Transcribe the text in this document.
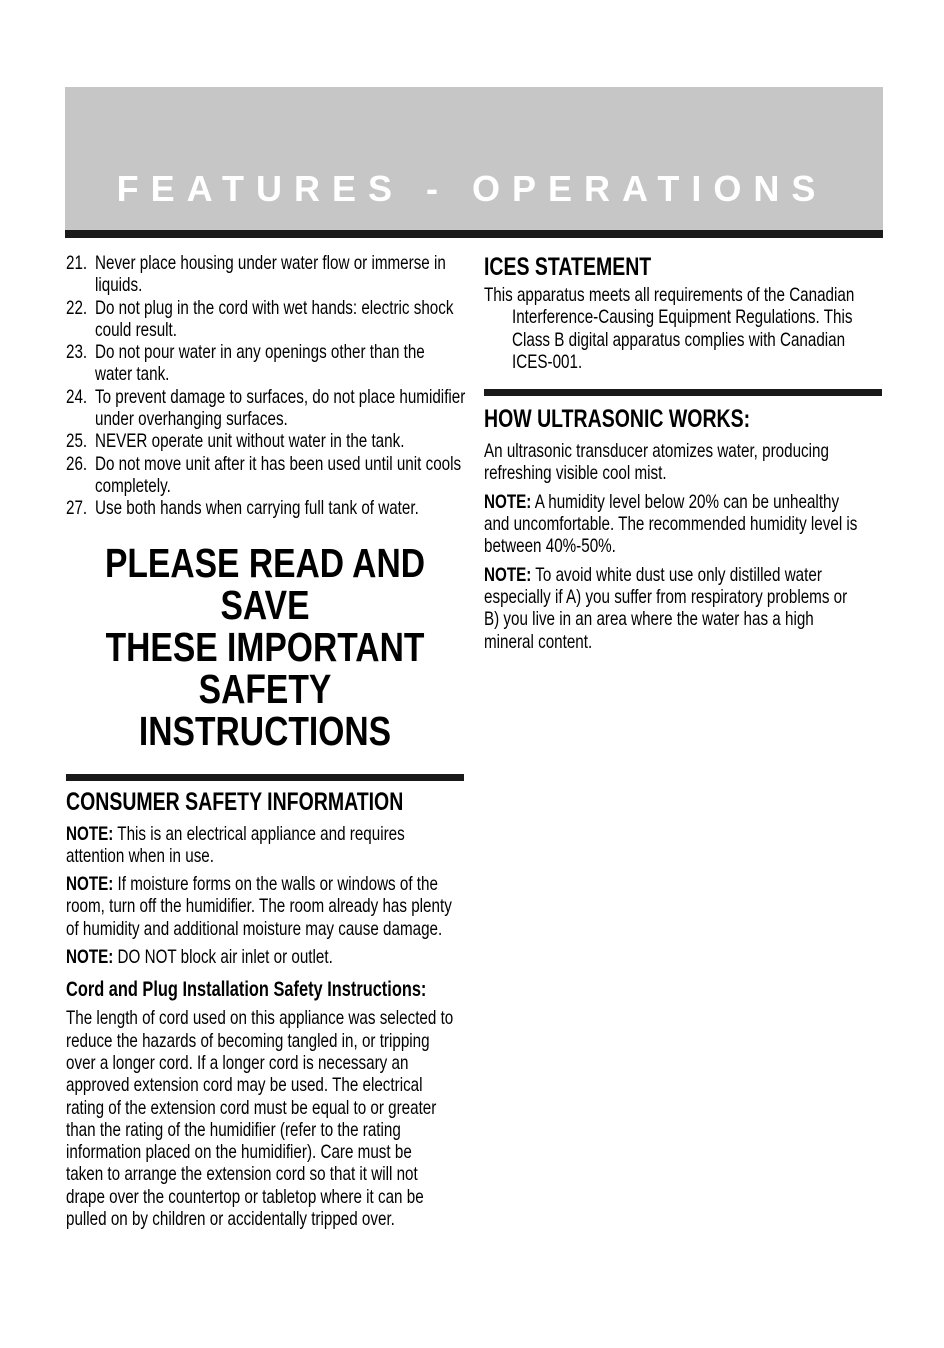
FEATURES - OPERATIONS
21. Never place housing under water flow or immerse in
liquids.
22. Do not plug in the cord with wet hands: electric shock
could result.
23. Do not pour water in any openings other than the
water tank.
24. To prevent damage to surfaces, do not place humidifier
under overhanging surfaces.
25. NEVER operate unit without water in the tank.
26. Do not move unit after it has been used until unit cools
completely.
27. Use both hands when carrying full tank of water.
PLEASE READ AND SAVE
THESE IMPORTANT SAFETY
INSTRUCTIONS
CONSUMER SAFETY INFORMATION
NOTE: This is an electrical appliance and requires
attention when in use.
NOTE: If moisture forms on the walls or windows of the
room, turn off the humidifier. The room already has plenty
of humidity and additional moisture may cause damage.
NOTE: DO NOT block air inlet or outlet.
Cord and Plug Installation Safety Instructions:
The length of cord used on this appliance was selected to
reduce the hazards of becoming tangled in, or tripping
over a longer cord. If a longer cord is necessary an
approved extension cord may be used. The electrical
rating of the extension cord must be equal to or greater
than the rating of the humidifier (refer to the rating
information placed on the humidifier). Care must be
taken to arrange the extension cord so that it will not
drape over the countertop or tabletop where it can be
pulled on by children or accidentally tripped over.
ICES STATEMENT
This apparatus meets all requirements of the Canadian
Interference-Causing Equipment Regulations. This
Class B digital apparatus complies with Canadian
ICES-001.
HOW ULTRASONIC WORKS:
An ultrasonic transducer atomizes water, producing
refreshing visible cool mist.
NOTE: A humidity level below 20% can be unhealthy
and uncomfortable. The recommended humidity level is
between 40%-50%.
NOTE: To avoid white dust use only distilled water
especially if A) you suffer from respiratory problems or
B) you live in an area where the water has a high
mineral content.
